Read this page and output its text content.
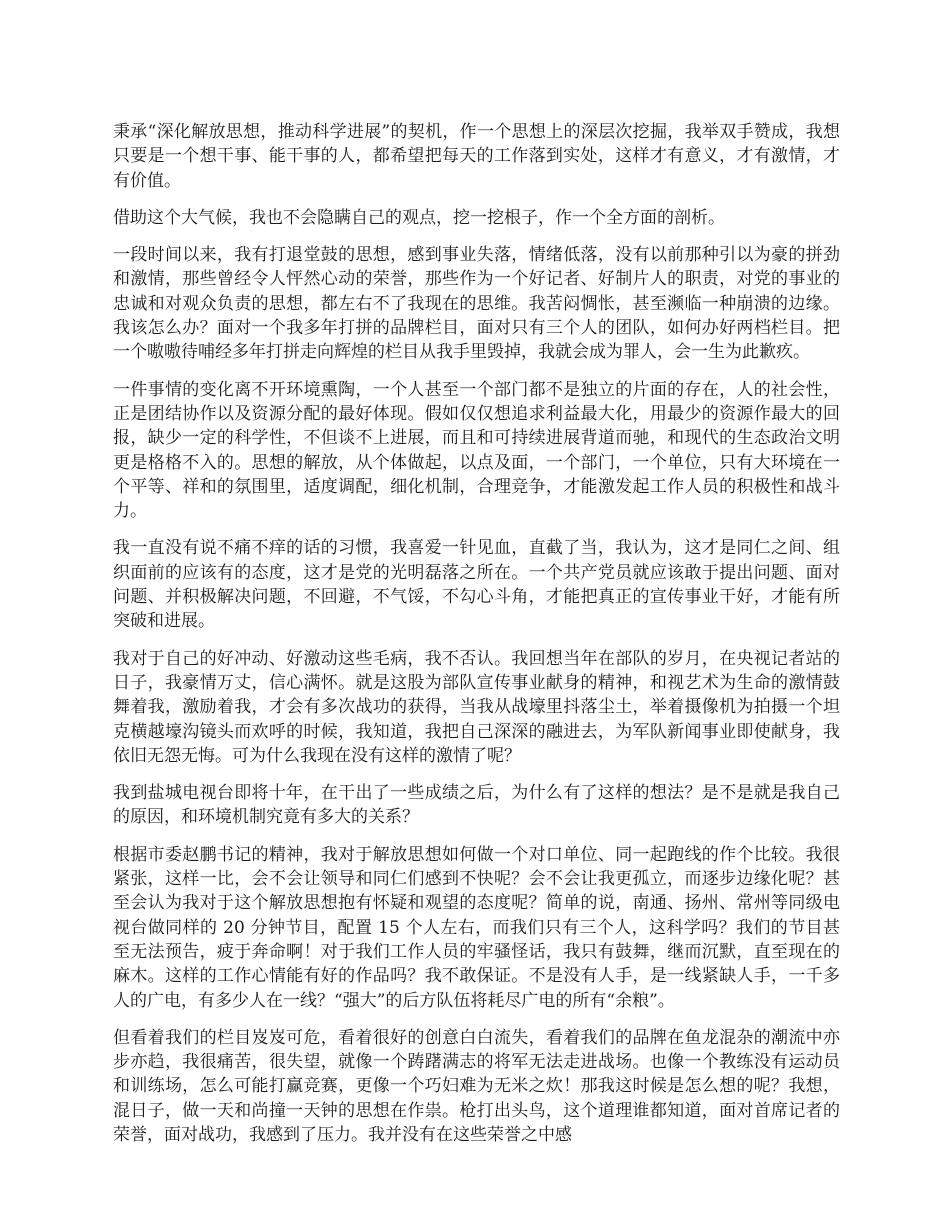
秉承“深化解放思想，推动科学进展”的契机，作一个思想上的深层次挖掘，我举双手赞成，我想只要是一个想干事、能干事的人，都希望把每天的工作落到实处，这样才有意义，才有激情，才有价值。

借助这个大气候，我也不会隐瞒自己的观点，挖一挖根子，作一个全方面的剖析。

一段时间以来，我有打退堂鼓的思想，感到事业失落，情绪低落，没有以前那种引以为豪的拼劲和激情，那些曾经令人怦然心动的荣誉，那些作为一个好记者、好制片人的职责，对党的事业的忠诚和对观众负责的思想，都左右不了我现在的思维。我苦闷惆怅，甚至濒临一种崩溃的边缘。我该怎么办？面对一个我多年打拼的品牌栏目，面对只有三个人的团队，如何办好两档栏目。把一个嗷嗷待哺经多年打拼走向辉煌的栏目从我手里毁掉，我就会成为罪人，会一生为此歉疚。

一件事情的变化离不开环境熏陶，一个人甚至一个部门都不是独立的片面的存在，人的社会性，正是团结协作以及资源分配的最好体现。假如仅仅想追求利益最大化，用最少的资源作最大的回报，缺少一定的科学性，不但谈不上进展，而且和可持续进展背道而驰，和现代的生态政治文明更是格格不入的。思想的解放，从个体做起，以点及面，一个部门，一个单位，只有大环境在一个平等、祥和的氛围里，适度调配，细化机制，合理竞争，才能激发起工作人员的积极性和战斗力。

我一直没有说不痛不痒的话的习惯，我喜爱一针见血，直截了当，我认为，这才是同仁之间、组织面前的应该有的态度，这才是党的光明磊落之所在。一个共产党员就应该敢于提出问题、面对问题、并积极解决问题，不回避，不气馁，不勾心斗角，才能把真正的宣传事业干好，才能有所突破和进展。

我对于自己的好冲动、好激动这些毛病，我不否认。我回想当年在部队的岁月，在央视记者站的日子，我豪情万丈，信心满怀。就是这股为部队宣传事业献身的精神，和视艺术为生命的激情鼓舞着我，激励着我，才会有多次战功的获得，当我从战壕里抖落尘土，举着摄像机为拍摄一个坦克横越壕沟镜头而欢呼的时候，我知道，我把自己深深的融进去，为军队新闻事业即使献身，我依旧无怨无悔。可为什么我现在没有这样的激情了呢？

我到盐城电视台即将十年，在干出了一些成绩之后，为什么有了这样的想法？是不是就是我自己的原因，和环境机制究竟有多大的关系？

根据市委赵鹏书记的精神，我对于解放思想如何做一个对口单位、同一起跑线的作个比较。我很紧张，这样一比，会不会让领导和同仁们感到不快呢？会不会让我更孤立，而逐步边缘化呢？甚至会认为我对于这个解放思想抱有怀疑和观望的态度呢？简单的说，南通、扬州、常州等同级电视台做同样的 20 分钟节目，配置 15 个人左右，而我们只有三个人，这科学吗？我们的节目甚至无法预告，疲于奔命啊！对于我们工作人员的牢骚怪话，我只有鼓舞，继而沉默，直至现在的麻木。这样的工作心情能有好的作品吗？我不敢保证。不是没有人手，是一线紧缺人手，一千多人的广电，有多少人在一线？“强大”的后方队伍将耗尽广电的所有“余粮”。

但看着我们的栏目岌岌可危，看着很好的创意白白流失，看着我们的品牌在鱼龙混杂的潮流中亦步亦趋，我很痛苦，很失望，就像一个踌躇满志的将军无法走进战场。也像一个教练没有运动员和训练场，怎么可能打赢竞赛，更像一个巧妇难为无米之炊！那我这时候是怎么想的呢？我想，混日子，做一天和尚撞一天钟的思想在作祟。枪打出头鸟，这个道理谁都知道，面对首席记者的荣誉，面对战功，我感到了压力。我并没有在这些荣誉之中感
